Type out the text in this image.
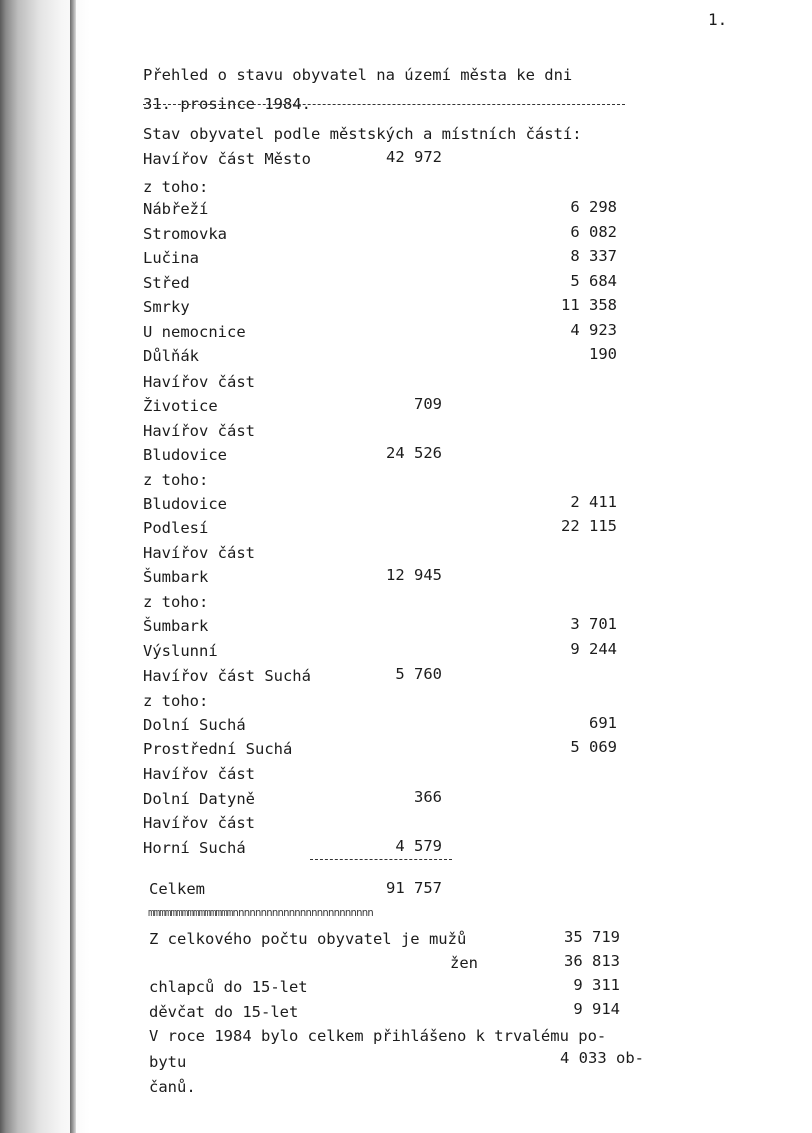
1.
Přehled o stavu obyvatel na území města ke dni
31. prosince 1984.
Stav obyvatel podle městských a místních částí:
Havířov část Město	42 972
z toho:
Nábřeží	6 298
Stromovka	6 082
Lučina	8 337
Střed	5 684
Smrky	11 358
U nemocnice	4 923
Důlňák	190
Havířov část
Životice	709
Havířov část
Bludovice	24 526
z toho:
Bludovice	2 411
Podlesí	22 115
Havířov část
Šumbark	12 945
z toho:
Šumbark	3 701
Výslunní	9 244
Havířov část Suchá	5 760
z toho:
Dolní Suchá	691
Prostřední Suchá	5 069
Havířov část
Dolní Datyně	366
Havířov část
Horní Suchá	4 579
Celkem	91 757
mmmmmmmmmmmmmmmnnnnnnnnnnnnnnnnnnnnnnnnn
Z celkového počtu obyvatel je mužů	35 719
žen	36 813
chlapců do 15-let	9 311
děvčat do 15-let	9 914
V roce 1984 bylo celkem přihlášeno k trvalému po-
bytu	4 033 ob-
čanů.
